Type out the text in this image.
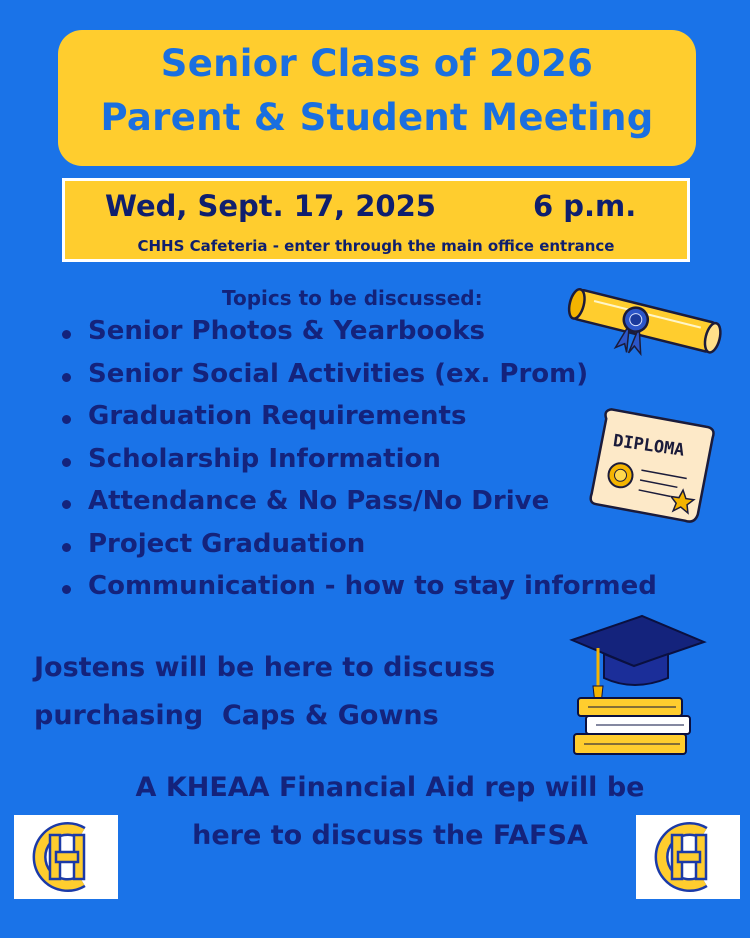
Senior Class of 2026
Parent & Student Meeting
Wed, Sept. 17, 2025	6 p.m.
CHHS Cafeteria - enter through the main office entrance
Topics to be discussed:
Senior Photos & Yearbooks
Senior Social Activities (ex. Prom)
Graduation Requirements
Scholarship Information
Attendance & No Pass/No Drive
Project Graduation
Communication - how to stay informed
DIPLOMA
Jostens will be here to discuss
purchasing  Caps & Gowns
A KHEAA Financial Aid rep will be
here to discuss the FAFSA
